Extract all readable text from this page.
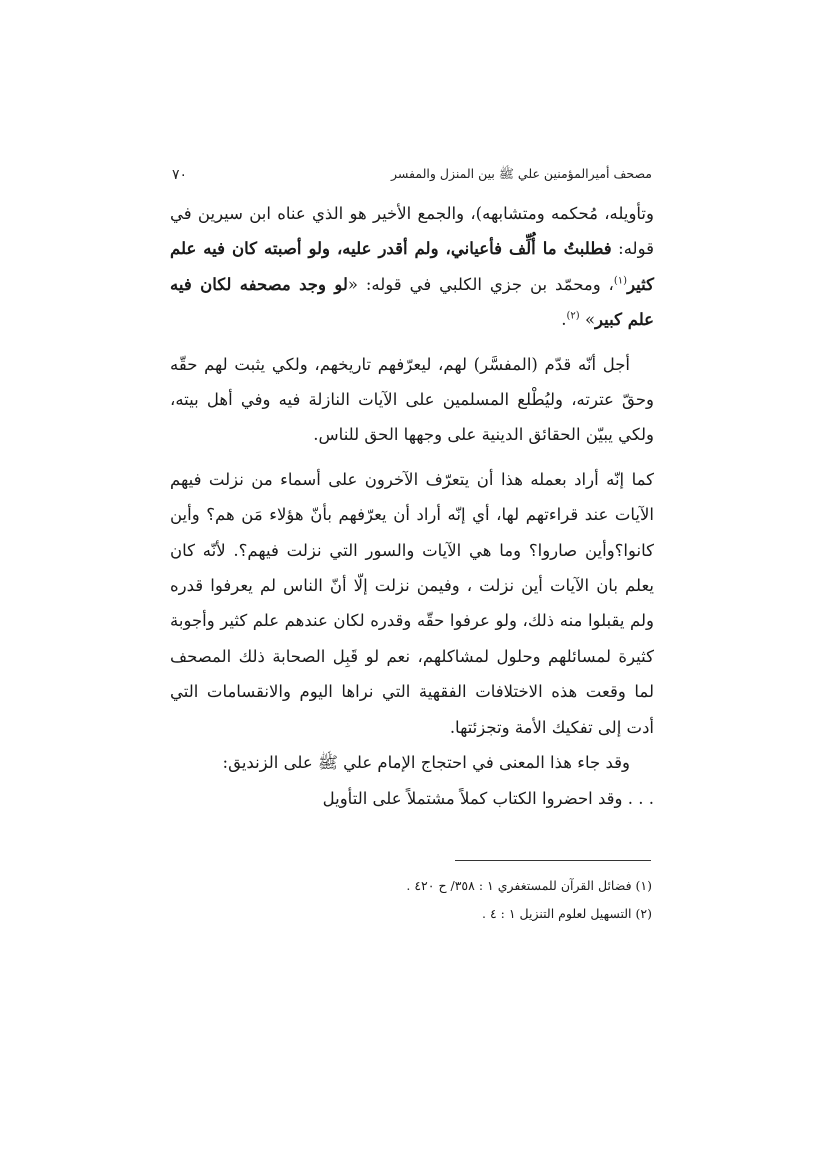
مصحف أميرالمؤمنين علي ﷺ بين المنزل والمفسر
٧٠

وتأويله، مُحكمه ومتشابهه)، والجمع الأخير هو الذي عناه ابن سيرين في قوله: فطلبتُ ما أُلِّف فأعياني، ولم أقدر عليه، ولو أصبته كان فيه علم كثير$^{(١)}$، ومحمّد بن جزي الكلبي في قوله: «لو وجد مصحفه لكان فيه علم كبير» $^{(٢)}$.

أجل أنّه قدّم (المفسَّر) لهم، ليعرّفهم تاريخهم، ولكي يثبت لهم حقّه وحقّ عترته، وليُطْلع المسلمين على الآيات النازلة فيه وفي أهل بيته، ولكي يبيّن الحقائق الدينية على وجهها الحق للناس.

كما إنّه أراد بعمله هذا أن يتعرّف الآخرون على أسماء من نزلت فيهم الآيات عند قراءتهم لها، أي إنّه أراد أن يعرّفهم بأنّ هؤلاء مَن هم؟ وأين كانوا؟وأين صاروا؟ وما هي الآيات والسور التي نزلت فيهم؟. لأنّه كان يعلم بان الآيات أين نزلت ، وفيمن نزلت إلّا أنّ الناس لم يعرفوا قدره ولم يقبلوا منه ذلك، ولو عرفوا حقّه وقدره لكان عندهم علم كثير وأجوبة كثيرة لمسائلهم وحلول لمشاكلهم، نعم لو قَبِل الصحابة ذلك المصحف لما وقعت هذه الاختلافات الفقهية التي نراها اليوم والانقسامات التي أدت إلى تفكيك الأمة وتجزئتها.

وقد جاء هذا المعنى في احتجاج الإمام علي ﷺ على الزنديق:

. . . وقد احضروا الكتاب كملاً مشتملاً على التأويل

(١) فضائل القرآن للمستغفري ١ : ٣٥٨/ ح ٤٢٠ .

(٢) التسهيل لعلوم التنزيل ١ : ٤ .
